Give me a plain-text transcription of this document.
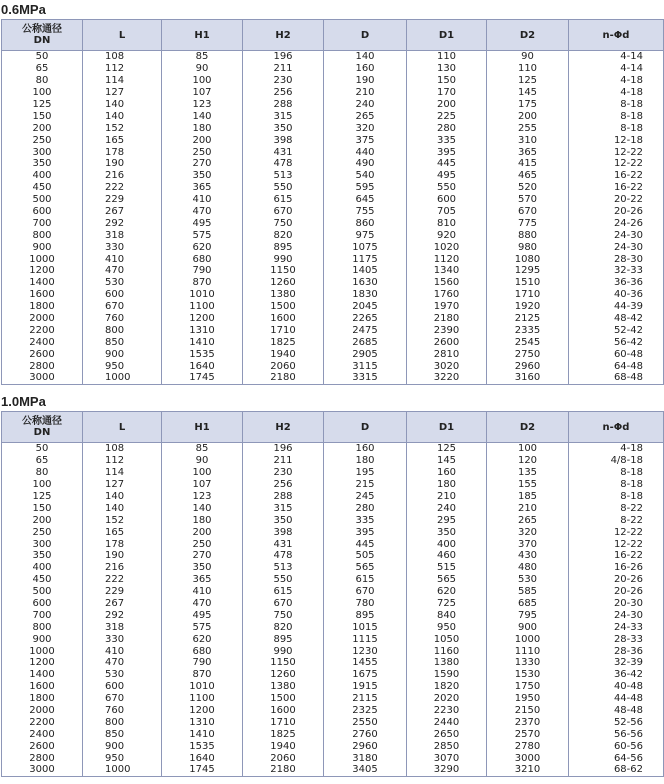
0.6MPa
公称通径
DN	L	H1	H2	D	D1	D2	n-Φd
50	108	85	196	140	110	90	4-14
65	112	90	211	160	130	110	4-14
80	114	100	230	190	150	125	4-18
100	127	107	256	210	170	145	4-18
125	140	123	288	240	200	175	8-18
150	140	140	315	265	225	200	8-18
200	152	180	350	320	280	255	8-18
250	165	200	398	375	335	310	12-18
300	178	250	431	440	395	365	12-22
350	190	270	478	490	445	415	12-22
400	216	350	513	540	495	465	16-22
450	222	365	550	595	550	520	16-22
500	229	410	615	645	600	570	20-22
600	267	470	670	755	705	670	20-26
700	292	495	750	860	810	775	24-26
800	318	575	820	975	920	880	24-30
900	330	620	895	1075	1020	980	24-30
1000	410	680	990	1175	1120	1080	28-30
1200	470	790	1150	1405	1340	1295	32-33
1400	530	870	1260	1630	1560	1510	36-36
1600	600	1010	1380	1830	1760	1710	40-36
1800	670	1100	1500	2045	1970	1920	44-39
2000	760	1200	1600	2265	2180	2125	48-42
2200	800	1310	1710	2475	2390	2335	52-42
2400	850	1410	1825	2685	2600	2545	56-42
2600	900	1535	1940	2905	2810	2750	60-48
2800	950	1640	2060	3115	3020	2960	64-48
3000	1000	1745	2180	3315	3220	3160	68-48
1.0MPa
公称通径
DN	L	H1	H2	D	D1	D2	n-Φd
50	108	85	196	160	125	100	4-18
65	112	90	211	180	145	120	4/8-18
80	114	100	230	195	160	135	8-18
100	127	107	256	215	180	155	8-18
125	140	123	288	245	210	185	8-18
150	140	140	315	280	240	210	8-22
200	152	180	350	335	295	265	8-22
250	165	200	398	395	350	320	12-22
300	178	250	431	445	400	370	12-22
350	190	270	478	505	460	430	16-22
400	216	350	513	565	515	480	16-26
450	222	365	550	615	565	530	20-26
500	229	410	615	670	620	585	20-26
600	267	470	670	780	725	685	20-30
700	292	495	750	895	840	795	24-30
800	318	575	820	1015	950	900	24-33
900	330	620	895	1115	1050	1000	28-33
1000	410	680	990	1230	1160	1110	28-36
1200	470	790	1150	1455	1380	1330	32-39
1400	530	870	1260	1675	1590	1530	36-42
1600	600	1010	1380	1915	1820	1750	40-48
1800	670	1100	1500	2115	2020	1950	44-48
2000	760	1200	1600	2325	2230	2150	48-48
2200	800	1310	1710	2550	2440	2370	52-56
2400	850	1410	1825	2760	2650	2570	56-56
2600	900	1535	1940	2960	2850	2780	60-56
2800	950	1640	2060	3180	3070	3000	64-56
3000	1000	1745	2180	3405	3290	3210	68-62
